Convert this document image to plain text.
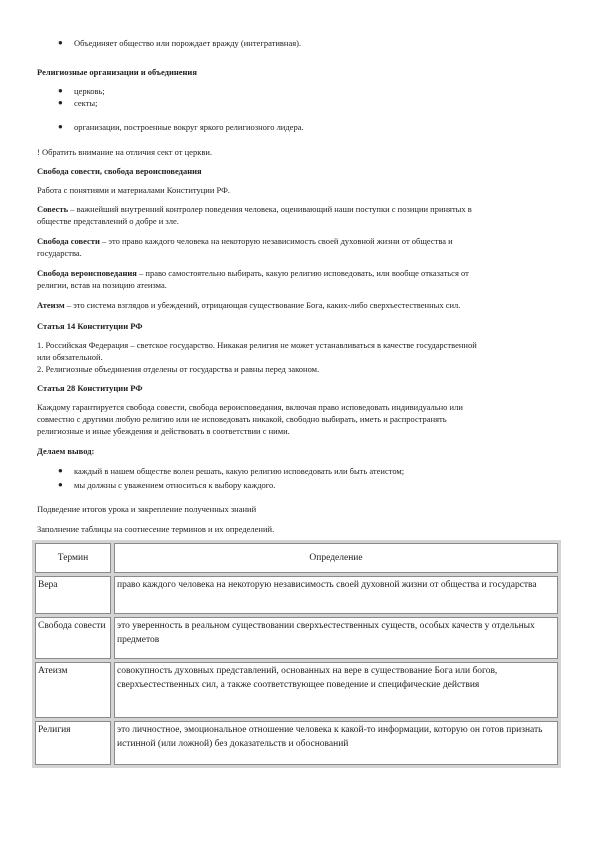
● Объединяет общество или порождает вражду (интегративная).
Религиозные организации и объединения
● церковь;
● секты;
● организации, построенные вокруг яркого религиозного лидера.
! Обратить внимание на отличия сект от церкви.
Свобода совести, свобода вероисповедания
Работа с понятиями и материалами Конституции РФ.
Совесть – важнейший внутренний контролер поведения человека, оценивающий наши поступки с позиции принятых в
обществе представлений о добре и зле.
Свобода совести – это право каждого человека на некоторую независимость своей духовной жизни от общества и
государства.
Свобода вероисповедания – право самостоятельно выбирать, какую религию исповедовать, или вообще отказаться от
религии, встав на позицию атеизма.
Атеизм – это система взглядов и убеждений, отрицающая существование Бога, каких-либо сверхъестественных сил.
Статья 14 Конституции РФ
1. Российская Федерация – светское государство. Никакая религия не может устанавливаться в качестве государственной
или обязательной.
2. Религиозные объединения отделены от государства и равны перед законом.
Статья 28 Конституции РФ
Каждому гарантируется свобода совести, свобода вероисповедания, включая право исповедовать индивидуально или
совместно с другими любую религию или не исповедовать никакой, свободно выбирать, иметь и распространять
религиозные и иные убеждения и действовать в соответствии с ними.
Делаем вывод:
● каждый в нашем обществе волен решать, какую религию исповедовать или быть атеистом;
● мы должны с уважением относиться к выбору каждого.
Подведение итогов урока и закрепление полученных знаний
Заполнение таблицы на соотнесение терминов и их определений.
Термин	Определение
Вера	право каждого человека на некоторую независимость своей духовной жизни от общества и государства
Свобода совести	это уверенность в реальном существовании сверхъестественных существ, особых качеств у отдельных предметов
Атеизм	совокупность духовных представлений, основанных на вере в существование Бога или богов, сверхъестественных сил, а также соответствующее поведение и специфические действия
Религия	это личностное, эмоциональное отношение человека к какой-то информации, которую он готов признать истинной (или ложной) без доказательств и обоснований
